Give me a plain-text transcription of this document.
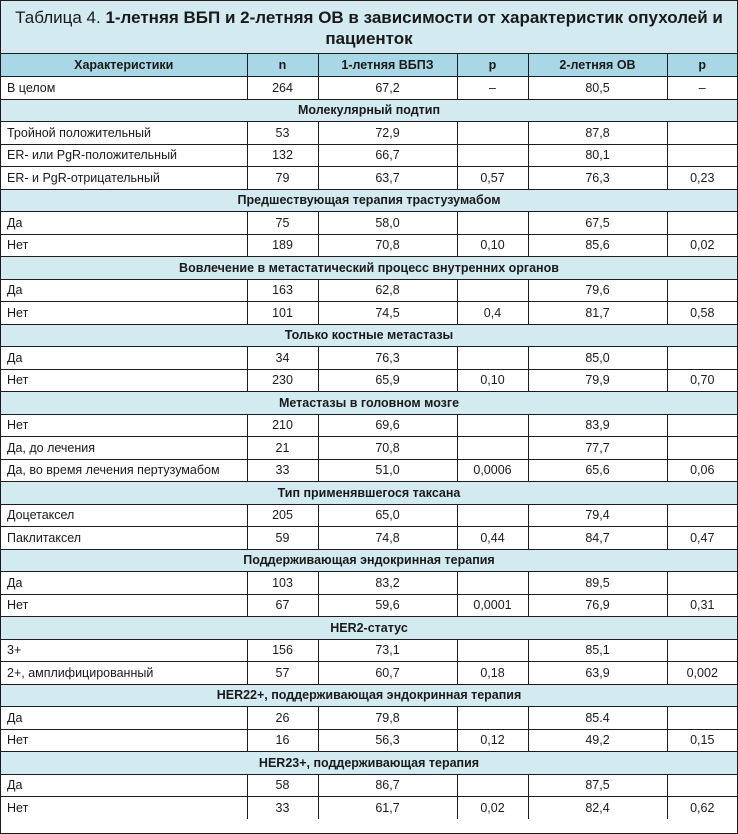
Таблица 4. 1-летняя ВБП и 2-летняя ОВ в зависимости от характеристик опухолей и пациенток
Характеристики	n	1-летняя ВБПЗ	p	2-летняя ОВ	p
В целом	264	67,2	–	80,5	–
Молекулярный подтип					
Тройной положительный	53	72,9		87,8	
ER- или PgR-положительный	132	66,7		80,1	
ER- и PgR-отрицательный	79	63,7	0,57	76,3	0,23
Предшествующая терапия трастузумабом					
Да	75	58,0		67,5	
Нет	189	70,8	0,10	85,6	0,02
Вовлечение в метастатический процесс внутренних органов					
Да	163	62,8		79,6	
Нет	101	74,5	0,4	81,7	0,58
Только костные метастазы					
Да	34	76,3		85,0	
Нет	230	65,9	0,10	79,9	0,70
Метастазы в головном мозге					
Нет	210	69,6		83,9	
Да, до лечения	21	70,8		77,7	
Да, во время лечения пертузумабом	33	51,0	0,0006	65,6	0,06
Тип применявшегося таксана					
Доцетаксел	205	65,0		79,4	
Паклитаксел	59	74,8	0,44	84,7	0,47
Поддерживающая эндокринная терапия					
Да	103	83,2		89,5	
Нет	67	59,6	0,0001	76,9	0,31
HER2-статус					
3+	156	73,1		85,1	
2+, амплифицированный	57	60,7	0,18	63,9	0,002
HER22+, поддерживающая эндокринная терапия					
Да	26	79,8		85.4	
Нет	16	56,3	0,12	49,2	0,15
HER23+, поддерживающая терапия					
Да	58	86,7		87,5	
Нет	33	61,7	0,02	82,4	0,62
